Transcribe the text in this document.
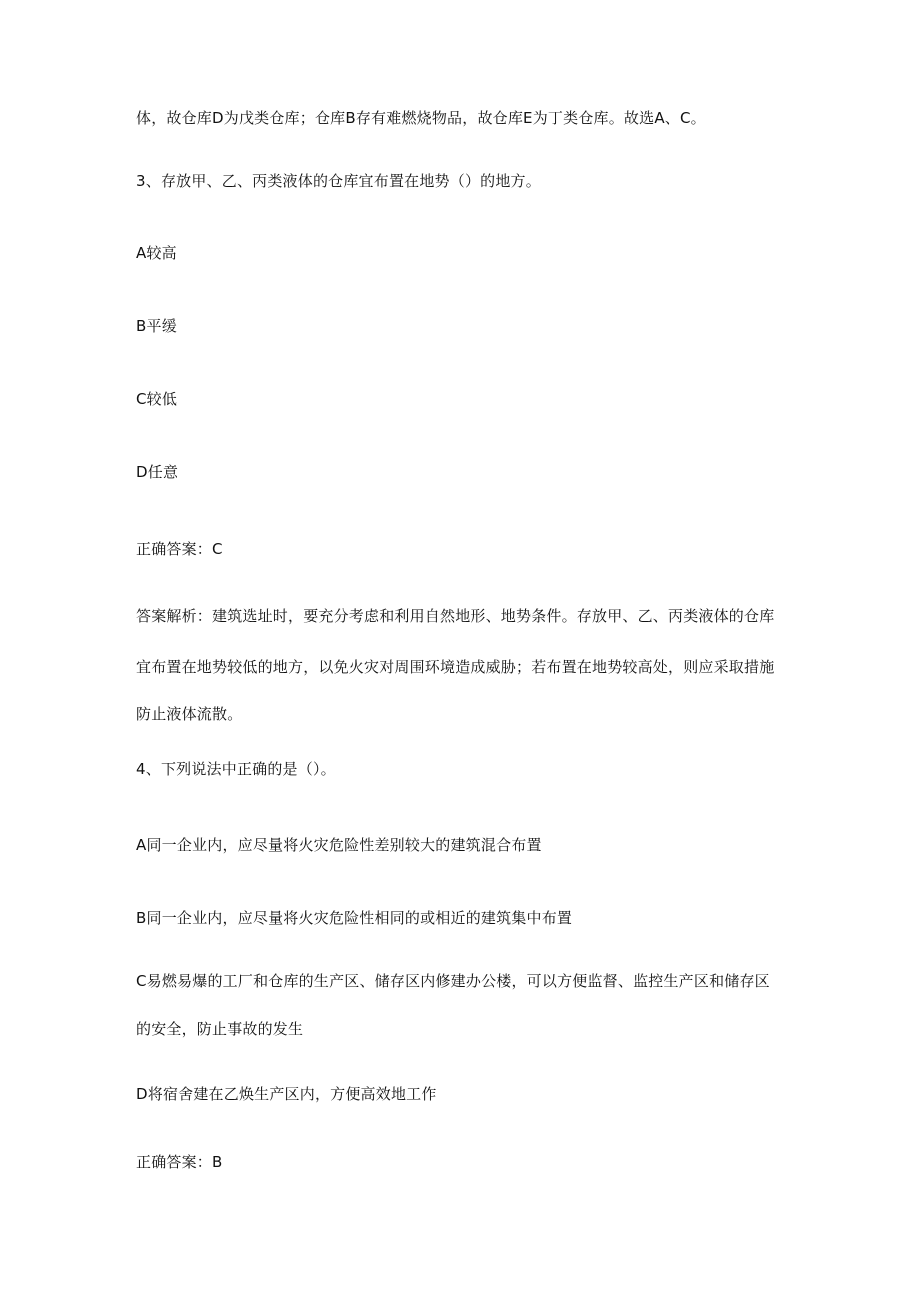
体，故仓库D为戊类仓库；仓库B存有难燃烧物品，故仓库E为丁类仓库。故选A、C。
3、存放甲、乙、丙类液体的仓库宜布置在地势（）的地方。
A较高
B平缓
C较低
D任意
正确答案：C
答案解析：建筑选址时，要充分考虑和利用自然地形、地势条件。存放甲、乙、丙类液体的仓库
宜布置在地势较低的地方，以免火灾对周围环境造成威胁；若布置在地势较高处，则应采取措施
防止液体流散。
4、下列说法中正确的是（）。
A同一企业内，应尽量将火灾危险性差别较大的建筑混合布置
B同一企业内，应尽量将火灾危险性相同的或相近的建筑集中布置
C易燃易爆的工厂和仓库的生产区、储存区内修建办公楼，可以方便监督、监控生产区和储存区
的安全，防止事故的发生
D将宿舍建在乙焕生产区内，方便高效地工作
正确答案：B
